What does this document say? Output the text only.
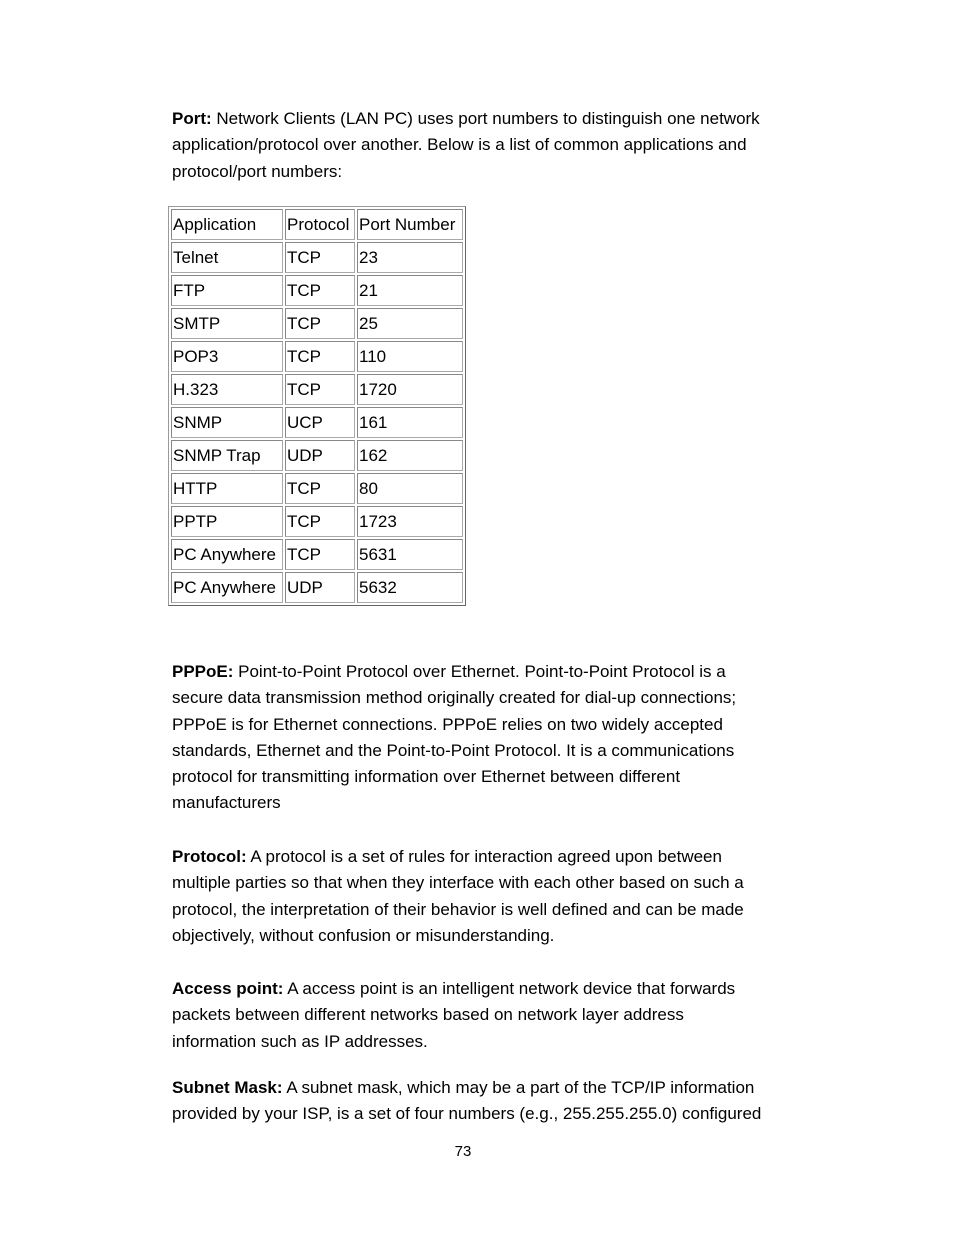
Port: Network Clients (LAN PC) uses port numbers to distinguish one network
application/protocol over another. Below is a list of common applications and
protocol/port numbers:
Application	Protocol	Port Number
Telnet	TCP	23
FTP	TCP	21
SMTP	TCP	25
POP3	TCP	110
H.323	TCP	1720
SNMP	UCP	161
SNMP Trap	UDP	162
HTTP	TCP	80
PPTP	TCP	1723
PC Anywhere	TCP	5631
PC Anywhere	UDP	5632
PPPoE: Point-to-Point Protocol over Ethernet. Point-to-Point Protocol is a
secure data transmission method originally created for dial-up connections;
PPPoE is for Ethernet connections. PPPoE relies on two widely accepted
standards, Ethernet and the Point-to-Point Protocol. It is a communications
protocol for transmitting information over Ethernet between different
manufacturers
Protocol: A protocol is a set of rules for interaction agreed upon between
multiple parties so that when they interface with each other based on such a
protocol, the interpretation of their behavior is well defined and can be made
objectively, without confusion or misunderstanding.
Access point: A access point is an intelligent network device that forwards
packets between different networks based on network layer address
information such as IP addresses.
Subnet Mask: A subnet mask, which may be a part of the TCP/IP information
provided by your ISP, is a set of four numbers (e.g., 255.255.255.0) configured
73
